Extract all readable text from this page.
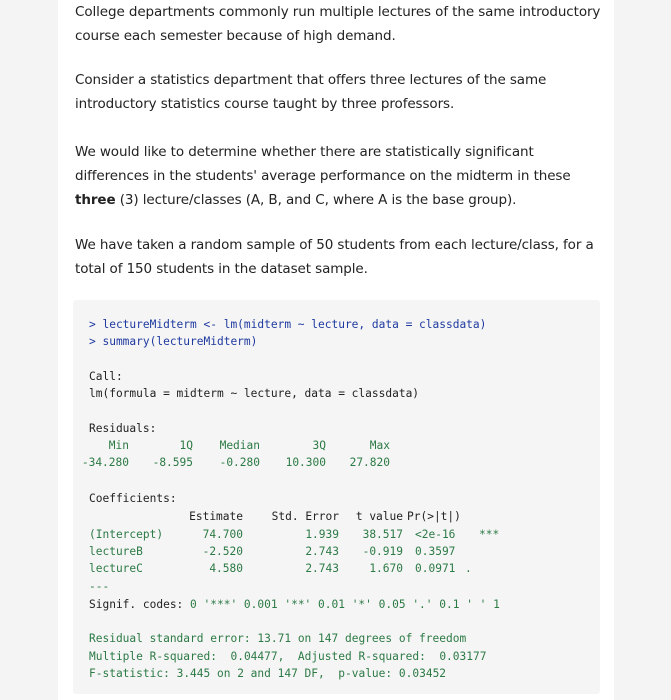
College departments commonly run multiple lectures of the same introductory course each semester because of high demand.
Consider a statistics department that offers three lectures of the same introductory statistics course taught by three professors.
We would like to determine whether there are statistically significant differences in the students' average performance on the midterm in these three (3) lecture/classes (A, B, and C, where A is the base group).
We have taken a random sample of 50 students from each lecture/class, for a total of 150 students in the dataset sample.
> lectureMidterm <- lm(midterm ~ lecture, data = classdata)
> summary(lectureMidterm)
Call:
lm(formula = midterm ~ lecture, data = classdata)
Residuals:
Min	1Q	Median	3Q	Max
-34.280	-8.595	-0.280	10.300	27.820
Coefficients:
Estimate	Std. Error	t value Pr(>|t|)
(Intercept)	74.700	1.939	38.517 <2e-16 ***
lectureB	-2.520	2.743	-0.919 0.3597
lectureC	4.580	2.743	1.670 0.0971 .
---
Signif. codes: 0 '***' 0.001 '**' 0.01 '*' 0.05 '.' 0.1 ' ' 1
Residual standard error: 13.71 on 147 degrees of freedom
Multiple R-squared: 0.04477, Adjusted R-squared: 0.03177
F-statistic: 3.445 on 2 and 147 DF, p-value: 0.03452
